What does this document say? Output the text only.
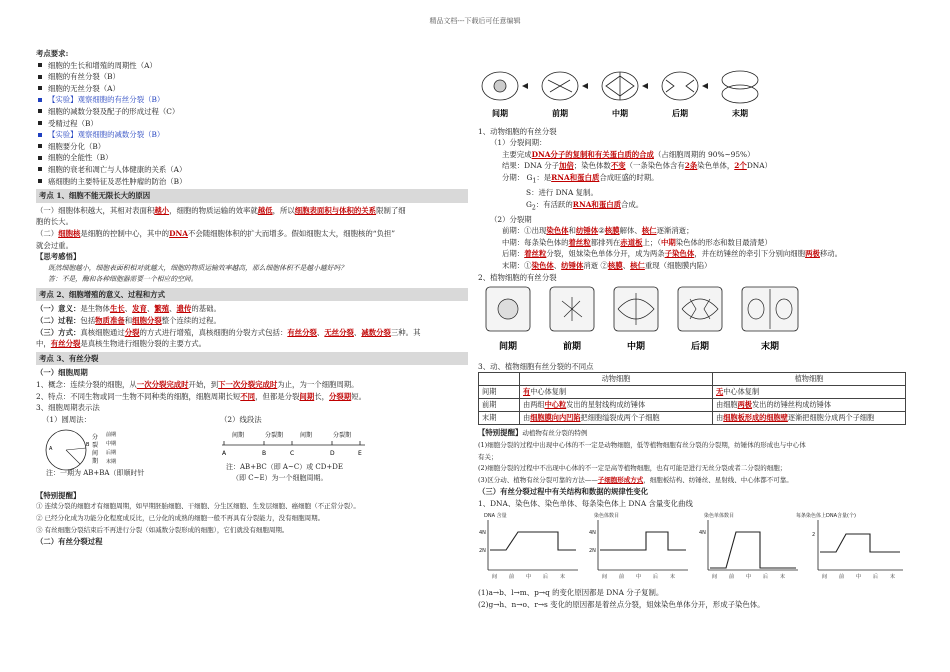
精品文档---下载后可任意编辑
考点要求:
细胞的生长和增殖的周期性（A）
细胞的有丝分裂（B）
细胞的无丝分裂（A）
【实验】观察细胞的有丝分裂（B）
细胞的减数分裂及配子的形成过程（C）
受精过程（B）
【实验】观察细胞的减数分裂（B）
细胞要分化（B）
细胞的全能性（B）
细胞的衰老和凋亡与人体健康的关系（A）
癌细胞的主要特征及恶性肿瘤的防治（B）
考点 1、细胞不能无限长大的原因
（一）细胞体积越大，其相对表面积越小，细胞的物质运输的效率就越低，所以细胞表面积与体积的关系限制了细
胞的长大。
（二）细胞核是细胞的控制中心，其中的DNA不会随细胞体积的扩大而增多。假如细胞太大，细胞核的“负担”
就会过重。
【思考感悟】
既然细胞越小，细胞表面积相对就越大，细胞的物质运输效率越高，那么细胞体积不是越小越好吗？
答：不是，酶和各种细胞器需要一个相应的空间。
考点 2、细胞增殖的意义、过程和方式
（一）意义：是生物体生长、发育、繁殖、遗传的基础。
（二）过程：包括物质准备和细胞分裂整个连续的过程。
（三）方式：真核细胞通过分裂的方式进行增殖，真核细胞的分裂方式包括：有丝分裂、无丝分裂、减数分裂三种。其
中，有丝分裂是真核生物进行细胞分裂的主要方式。
考点 3、有丝分裂
（一）细胞周期
1、概念：连续分裂的细胞，从一次分裂完成时开始，到下一次分裂完成时为止，为一个细胞周期。
2、特点：不同生物或同一生物不同种类的细胞，细胞周期长短不同，但都是分裂间期长，分裂期短。
3、细胞周期表示法
（1）圆周法：	（2）线段法
A
B
分
裂
间
期
前期
中期
后期
末期
间期	分裂期	间期	分裂期
A	B	C	D	E
注：一期为 AB+BA（即顺时针
注：AB+BC（即 A~C）或 CD+DE
（即 C~E）为一个细胞周期。
【特别提醒】
① 连续分裂的细胞才有细胞周期，如早期胚胎细胞、干细胞、分生区细胞、生发层细胞、癌细胞（不正常分裂）。
② 已经分化成为功能分化程度成反比，已分化的成熟的细胞一般不再具有分裂能力，没有细胞周期。
③ 有丝细胞分裂结束后不再进行分裂（如减数分裂形成的细胞），它们就没有细胞周期。
（二）有丝分裂过程
间期	前期	中期	后期	末期
1、动物细胞的有丝分裂
（1）分裂间期：
主要完成DNA分子的复制和有关蛋白质的合成（占细胞周期的 90%~95%）
结果：DNA 分子加倍；染色体数不变（一条染色体含有2条染色单体，2个DNA）
分期： $G_1$：是RNA和蛋白质合成旺盛的时期。
S：进行 DNA 复制。
$G_2$：有活跃的RNA和蛋白质合成。
（2）分裂期
前期：①出现染色体和纺锤体②核膜解体、核仁逐渐消逝；
中期：每条染色体的着丝粒都排列在赤道板上；（中期染色体的形态和数目最清楚）
后期：着丝粒分裂，姐妹染色单体分开，成为两条子染色体，并在纺锤丝的牵引下分别向细胞两极移动。
末期：①染色体、纺锤体消逝 ②核膜、核仁重现（细胞膜内陷）
2、植物细胞的有丝分裂
间期	前期	中期	后期	末期
3、动、植物细胞有丝分裂的不同点
	动物细胞	植物细胞
间期	有中心体复制	无中心体复制
前期	由两组中心粒发出的星射线构成纺锤体	由细胞两极发出的纺锤丝构成纺锤体
末期	由细胞膜向内凹陷把细胞缢裂成两个子细胞	由细胞板形成的细胞壁逐渐把细胞分成两个子细胞
【特别提醒】动植物有丝分裂的特例
(1)细胞分裂的过程中出现中心体的不一定是动物细胞，低等植物细胞有丝分裂的分裂期，纺锤体的形成也与中心体
有关；
(2)细胞分裂的过程中不出现中心体的不一定是高等植物细胞，也有可能是进行无丝分裂或者二分裂的细胞；
(3)区分动、植物有丝分裂可靠的方法——子细胞形成方式，细胞板结构、纺锤丝、星射线、中心体都不可靠。
（三）有丝分裂过程中有关结构和数据的规律性变化
1、DNA、染色体、染色单体、每条染色体上 DNA 含量变化曲线
DNA 含量	染色体数目	染色单体数目	每条染色体上DNA含量(个)
4N
2N
4N
2N
4N	2
间 前 中 后 末	间 前 中 后 末	间 前 中 后 末	间 前 中 后 末
(1)a→b、l→m、p→q 的变化原因都是 DNA 分子复制。
(2)g→h、n→o、r→s 变化的原因都是着丝点分裂，姐妹染色单体分开，形成子染色体。
